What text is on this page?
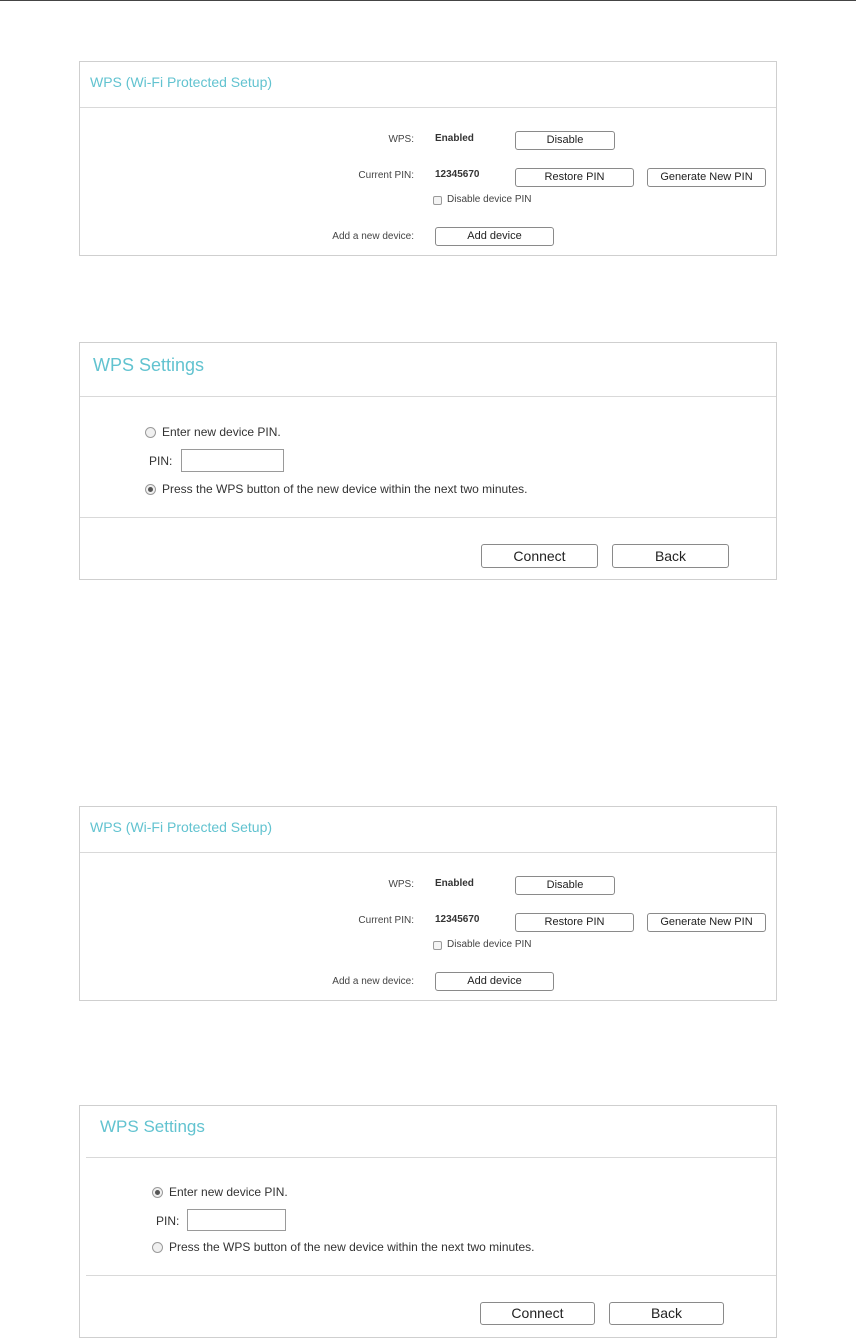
WPS (Wi-Fi Protected Setup)
WPS: Enabled	Disable
Current PIN: 12345670	Restore PIN	Generate New PIN
Disable device PIN
Add a new device:	Add device
WPS Settings
Enter new device PIN.
PIN:
Press the WPS button of the new device within the next two minutes.
Connect	Back
WPS (Wi-Fi Protected Setup)
WPS: Enabled	Disable
Current PIN: 12345670	Restore PIN	Generate New PIN
Disable device PIN
Add a new device:	Add device
WPS Settings
Enter new device PIN.
PIN:
Press the WPS button of the new device within the next two minutes.
Connect	Back
